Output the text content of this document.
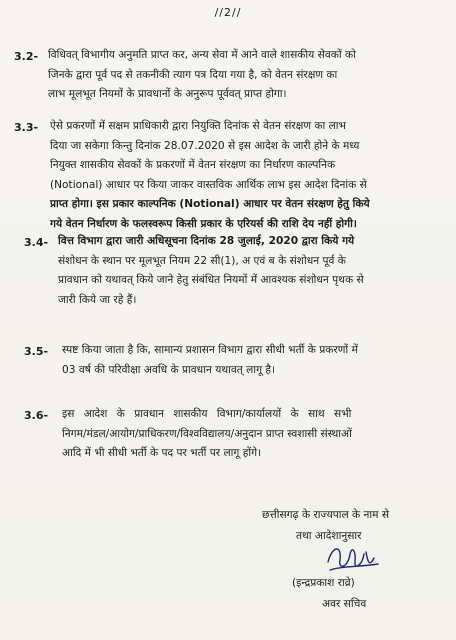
//2//
3.2- विधिवत् विभागीय अनुमति प्राप्त कर, अन्य सेवा में आने वाले शासकीय सेवकों को
जिनके द्वारा पूर्व पद से तकनीकी त्याग पत्र दिया गया है, को वेतन संरक्षण का
लाभ मूलभूत नियमों के प्रावधानों के अनुरूप पूर्ववत् प्राप्त होगा।
3.3- ऐसे प्रकरणों में सक्षम प्राधिकारी द्वारा नियुक्ति दिनांक से वेतन संरक्षण का लाभ
दिया जा सकेगा किन्तु दिनांक 28.07.2020 से इस आदेश के जारी होने के मध्य
नियुक्त शासकीय सेवकों के प्रकरणों में वेतन संरक्षण का निर्धारण काल्पनिक
(Notional) आधार पर किया जाकर वास्तविक आर्थिक लाभ इस आदेश दिनांक से
प्राप्त होगा। इस प्रकार काल्पनिक (Notional) आधार पर वेतन संरक्षण हेतु किये
गये वेतन निर्धारण के फलस्वरूप किसी प्रकार के एरियर्स की राशि देय नहीं होगी।
3.4- वित्त विभाग द्वारा जारी अधिसूचना दिनांक 28 जुलाई, 2020 द्वारा किये गये
संशोधन के स्थान पर मूलभूत नियम 22 सी(1), अ एवं ब के संशोधन पूर्व के
प्रावधान को यथावत् किये जाने हेतु संबंधित नियमों में आवश्यक संशोधन पृथक से
जारी किये जा रहे हैं।
3.5- स्पष्ट किया जाता है कि, सामान्य प्रशासन विभाग द्वारा सीधी भर्ती के प्रकरणों में
03 वर्ष की परिवीक्षा अवधि के प्रावधान यथावत् लागू है।
3.6- इस आदेश के प्रावधान शासकीय विभाग/कार्यालयों के साथ सभी
निगम/मंडल/आयोग/प्राधिकरण/विश्वविद्यालय/अनुदान प्राप्त स्वशासी संस्थाओं
आदि में भी सीधी भर्ती के पद पर भर्ती पर लागू होंगे।
छत्तीसगढ़ के राज्यपाल के नाम से
तथा आदेशानुसार
(इन्द्रप्रकाश राव्रे)
अवर सचिव
